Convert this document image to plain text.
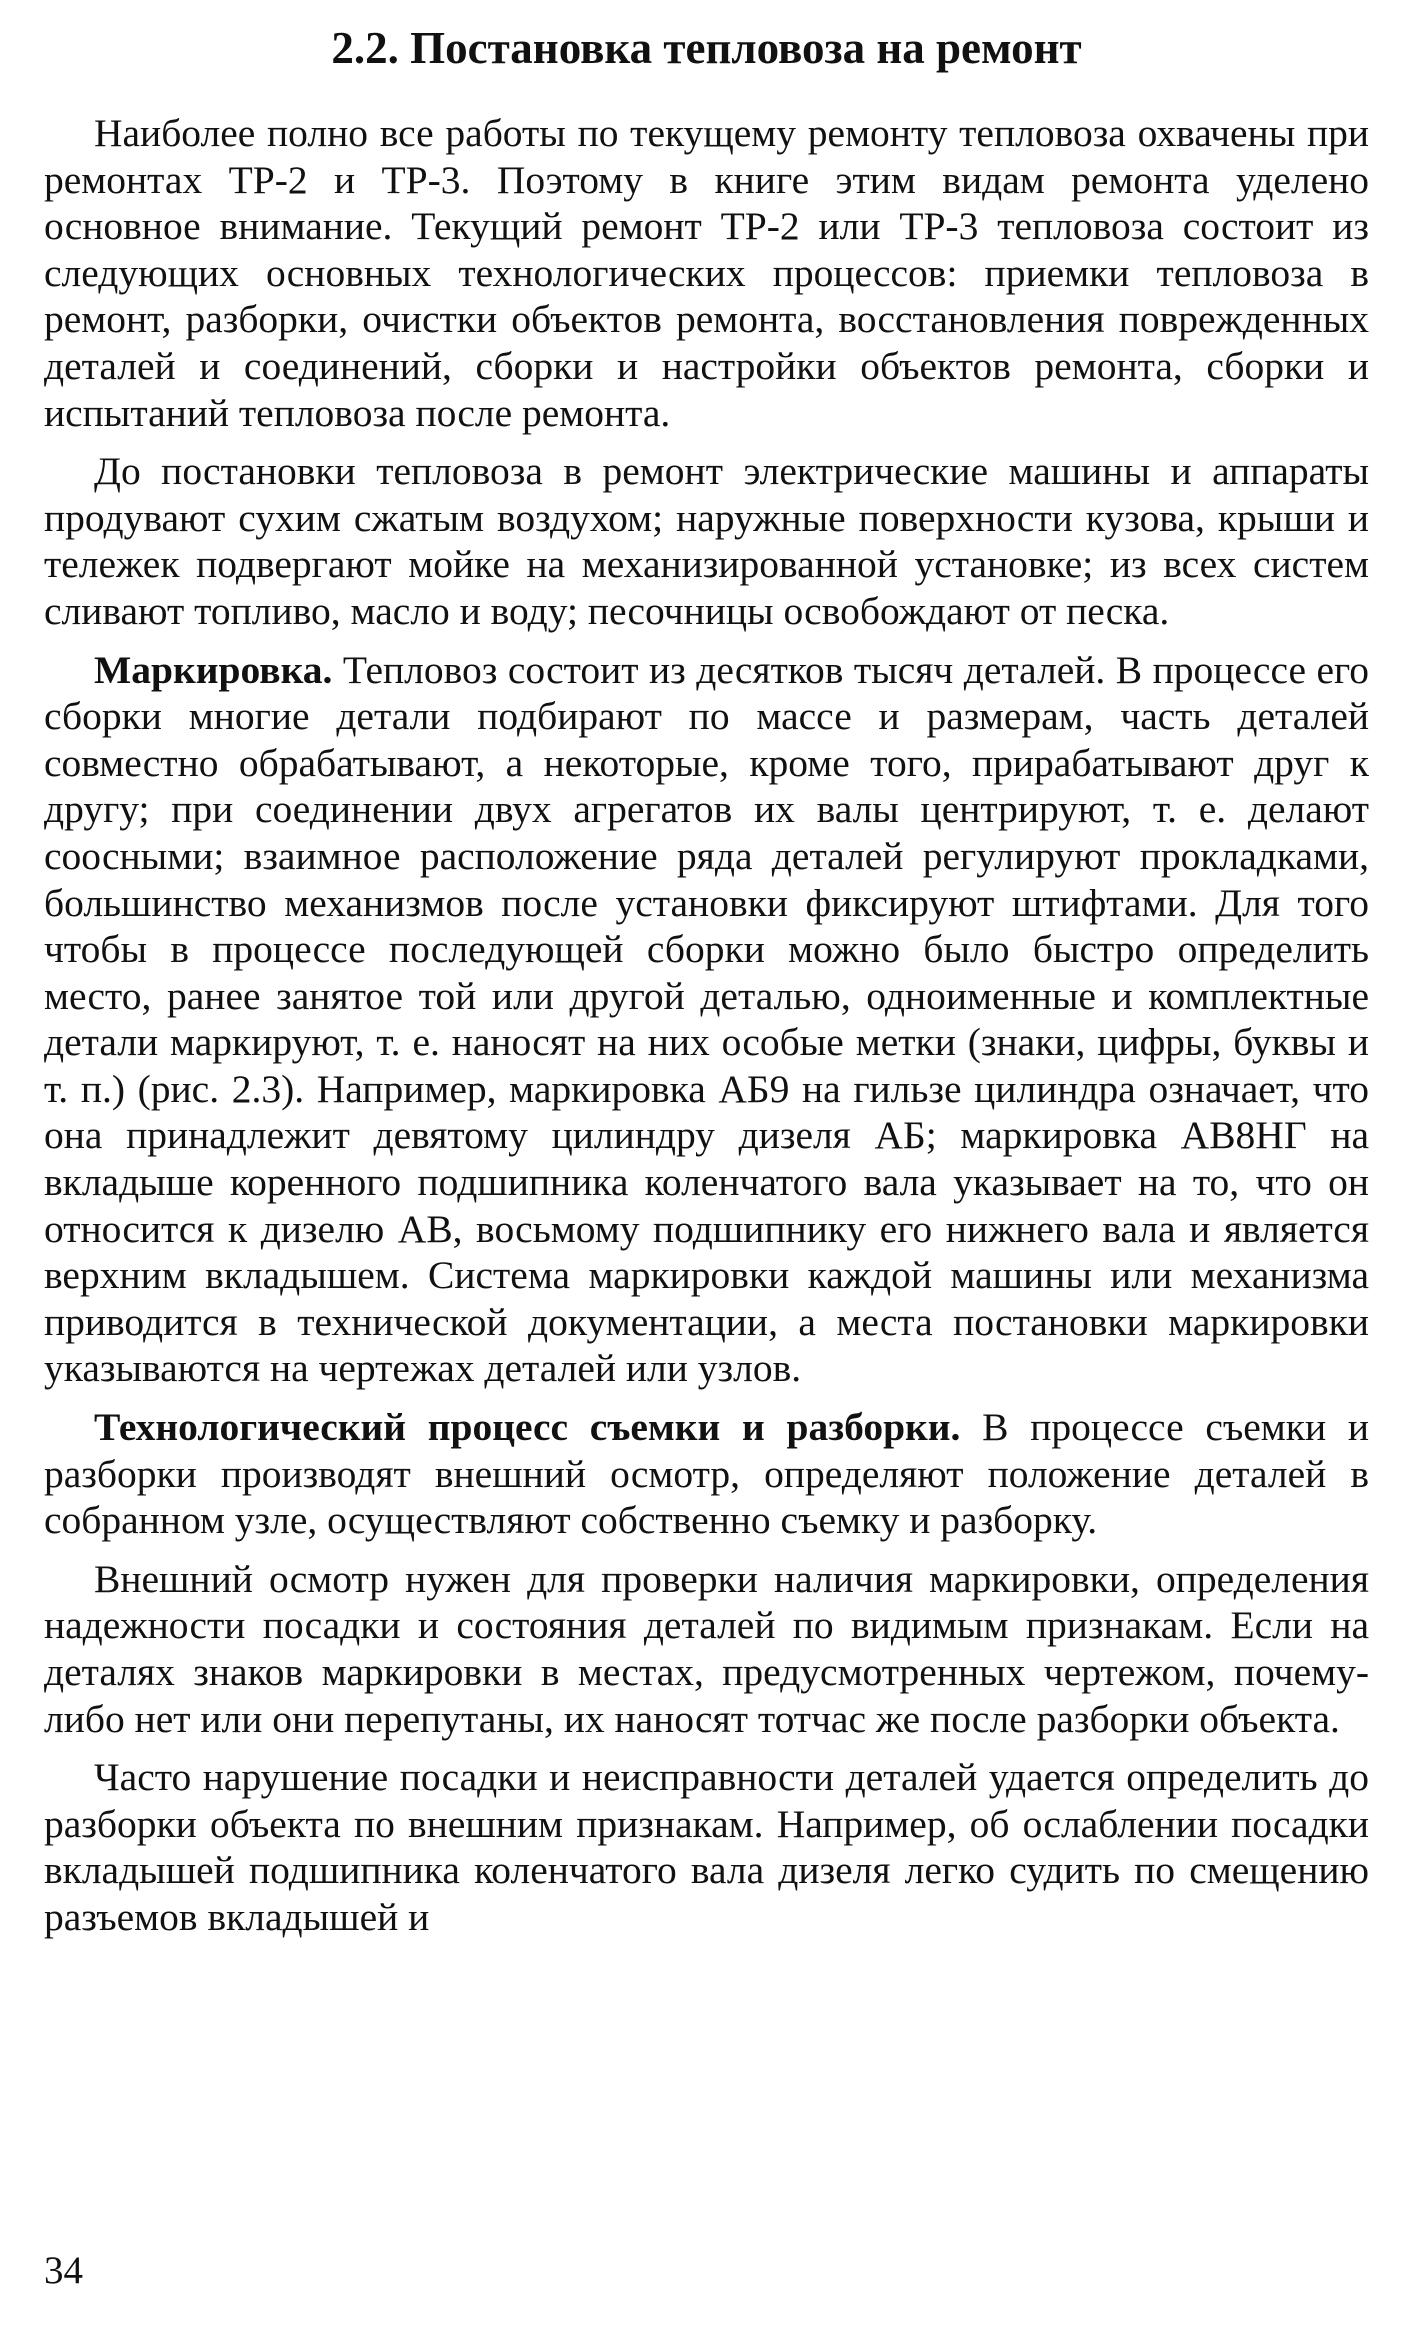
2.2. Постановка тепловоза на ремонт

Наиболее полно все работы по текущему ремонту тепловоза охвачены при ремонтах ТР-2 и ТР-3. Поэтому в книге этим видам ремонта уделено основное внимание. Текущий ремонт ТР-2 или ТР-3 тепловоза состоит из следующих основных технологических процессов: приемки тепловоза в ремонт, разборки, очистки объектов ремонта, восстановления поврежденных деталей и соединений, сборки и настройки объектов ремонта, сборки и испытаний тепловоза после ремонта.

До постановки тепловоза в ремонт электрические машины и аппараты продувают сухим сжатым воздухом; наружные поверхности кузова, крыши и тележек подвергают мойке на механизированной установке; из всех систем сливают топливо, масло и воду; песочницы освобождают от песка.

Маркировка. Тепловоз состоит из десятков тысяч деталей. В процессе его сборки многие детали подбирают по массе и размерам, часть деталей совместно обрабатывают, а некоторые, кроме того, прирабатывают друг к другу; при соединении двух агрегатов их валы центрируют, т. е. делают соосными; взаимное расположение ряда деталей регулируют прокладками, большинство механизмов после установки фиксируют штифтами. Для того чтобы в процессе последующей сборки можно было быстро определить место, ранее занятое той или другой деталью, одноименные и комплектные детали маркируют, т. е. наносят на них особые метки (знаки, цифры, буквы и т. п.) (рис. 2.3). Например, маркировка АБ9 на гильзе цилиндра означает, что она принадлежит девятому цилиндру дизеля АБ; маркировка АВ8НГ на вкладыше коренного подшипника коленчатого вала указывает на то, что он относится к дизелю АВ, восьмому подшипнику его нижнего вала и является верхним вкладышем. Система маркировки каждой машины или механизма приводится в технической документации, а места постановки маркировки указываются на чертежах деталей или узлов.

Технологический процесс съемки и разборки. В процессе съемки и разборки производят внешний осмотр, определяют положение деталей в собранном узле, осуществляют собственно съемку и разборку.

Внешний осмотр нужен для проверки наличия маркировки, определения надежности посадки и состояния деталей по видимым признакам. Если на деталях знаков маркировки в местах, предусмотренных чертежом, почему-либо нет или они перепутаны, их наносят тотчас же после разборки объекта.

Часто нарушение посадки и неисправности деталей удается определить до разборки объекта по внешним признакам. Например, об ослаблении посадки вкладышей подшипника коленчатого вала дизеля легко судить по смещению разъемов вкладышей и

34
